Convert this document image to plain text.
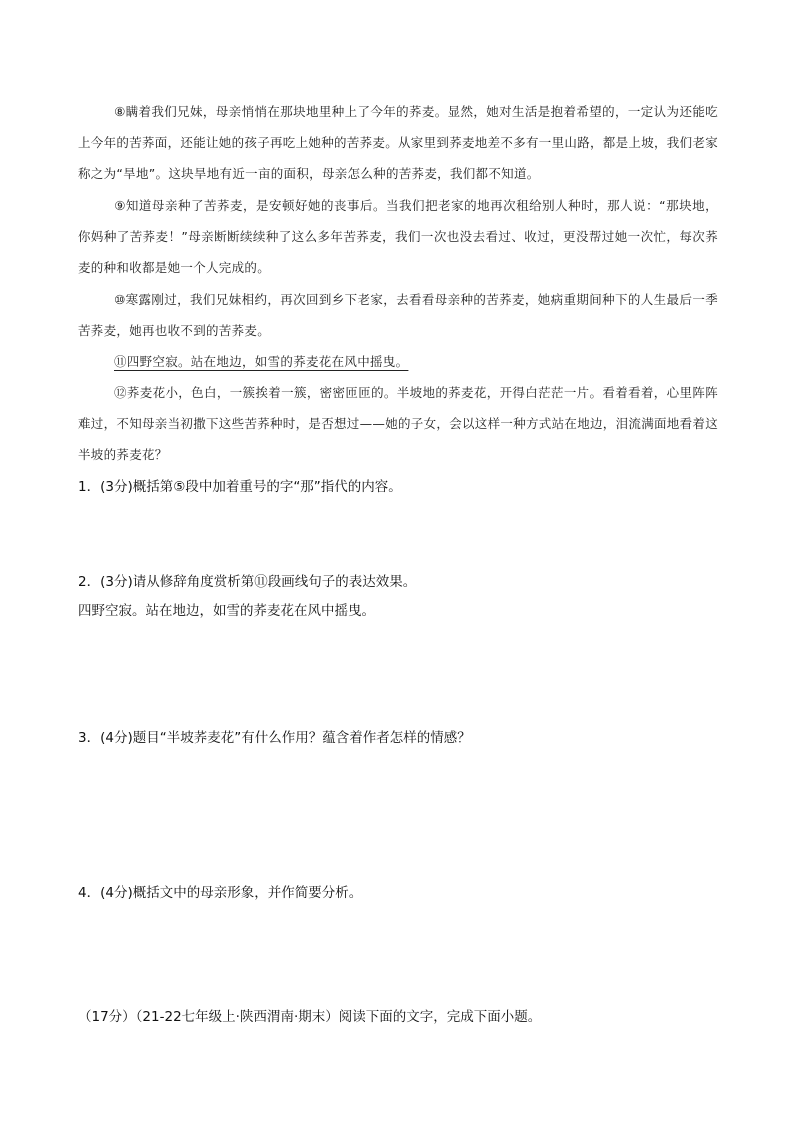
⑧瞒着我们兄妹，母亲悄悄在那块地里种上了今年的荞麦。显然，她对生活是抱着希望的，一定认为还能吃上今年的苦荞面，还能让她的孩子再吃上她种的苦荞麦。从家里到荞麦地差不多有一里山路，都是上坡，我们老家称之为“旱地”。这块旱地有近一亩的面积，母亲怎么种的苦荞麦，我们都不知道。
⑨知道母亲种了苦荞麦，是安顿好她的丧事后。当我们把老家的地再次租给别人种时，那人说：“那块地，你妈种了苦荞麦！”母亲断断续续种了这么多年苦荞麦，我们一次也没去看过、收过，更没帮过她一次忙，每次荞麦的种和收都是她一个人完成的。
⑩寒露刚过，我们兄妹相约，再次回到乡下老家，去看看母亲种的苦荞麦，她病重期间种下的人生最后一季苦荞麦，她再也收不到的苦荞麦。
⑪四野空寂。站在地边，如雪的荞麦花在风中摇曳。
⑫荞麦花小，色白，一簇挨着一簇，密密匝匝的。半坡地的荞麦花，开得白茫茫一片。看着看着，心里阵阵难过，不知母亲当初撒下这些苦荞种时，是否想过——她的子女，会以这样一种方式站在地边，泪流满面地看着这半坡的荞麦花？
1．(3分)概括第⑤段中加着重号的字“那”指代的内容。
2．(3分)请从修辞角度赏析第⑪段画线句子的表达效果。
四野空寂。站在地边，如雪的荞麦花在风中摇曳。
3．(4分)题目“半坡荞麦花”有什么作用？蕴含着作者怎样的情感？
4．(4分)概括文中的母亲形象，并作简要分析。
（17分）（21-22七年级上·陕西渭南·期末）阅读下面的文字，完成下面小题。
